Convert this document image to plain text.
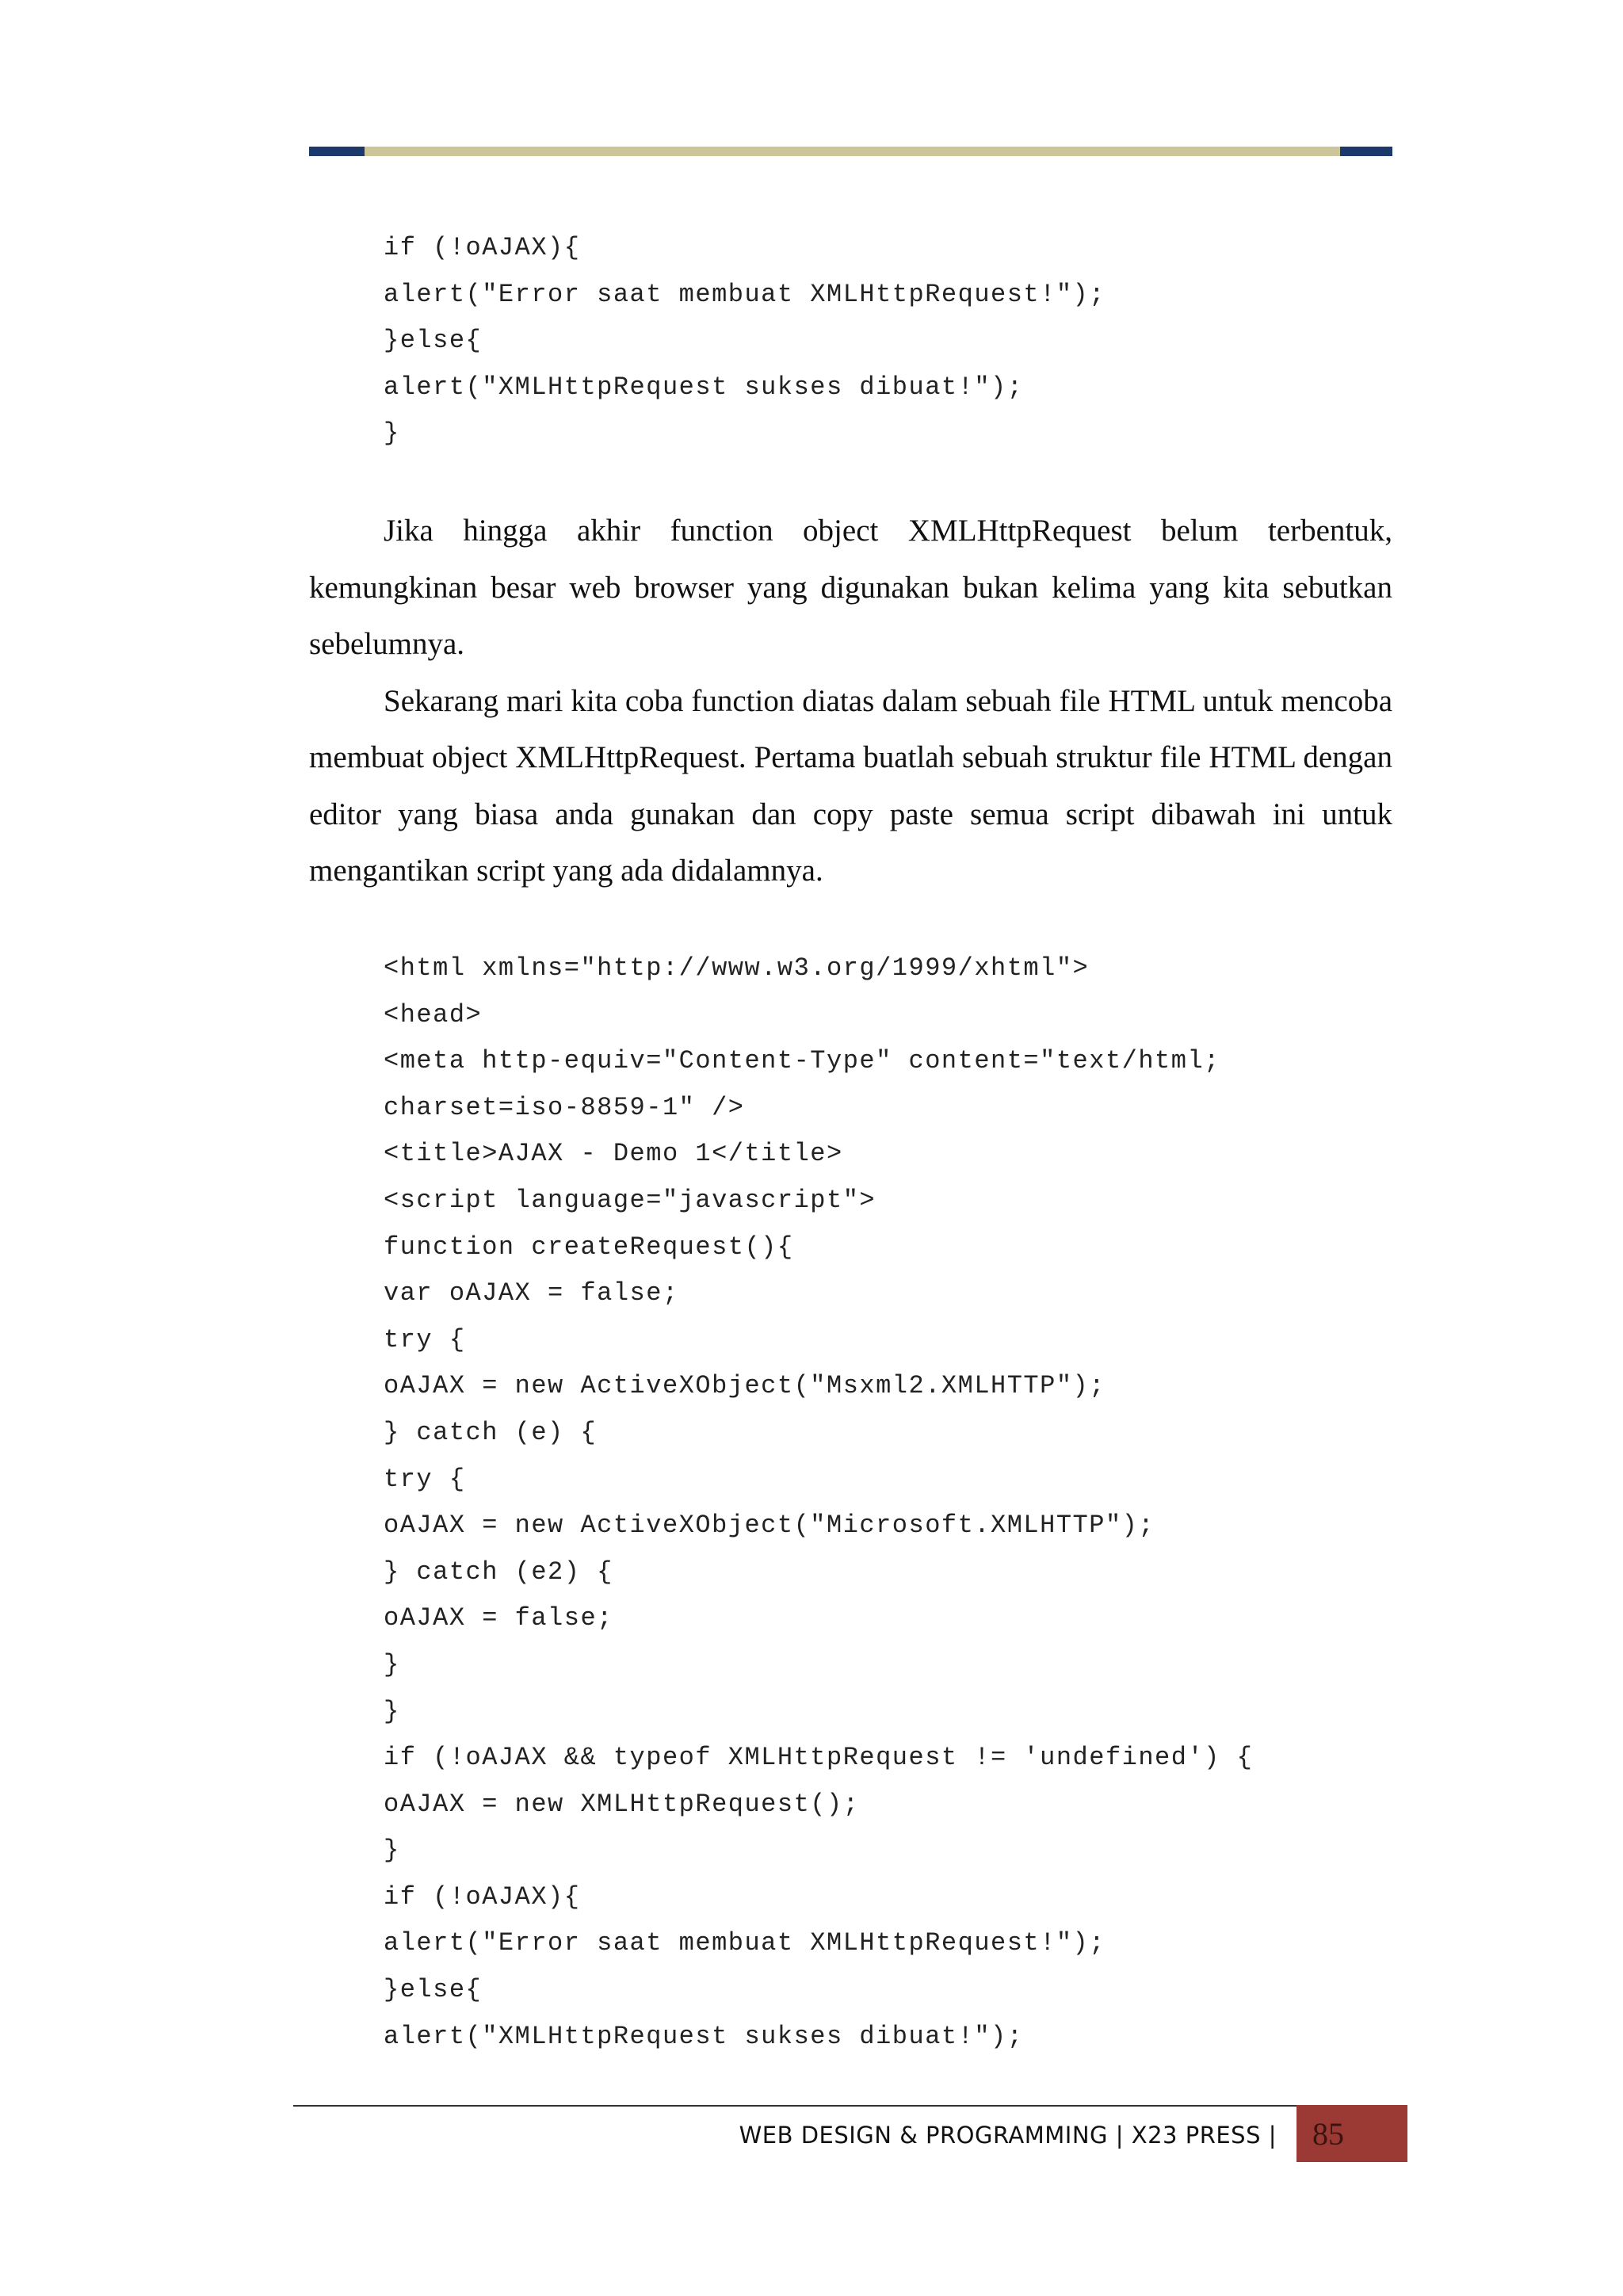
if (!oAJAX){
alert("Error saat membuat XMLHttpRequest!");
}else{
alert("XMLHttpRequest sukses dibuat!");
}

Jika hingga akhir function object XMLHttpRequest belum terbentuk, kemungkinan besar web browser yang digunakan bukan kelima yang kita sebutkan sebelumnya.

Sekarang mari kita coba function diatas dalam sebuah file HTML untuk mencoba membuat object XMLHttpRequest. Pertama buatlah sebuah struktur file HTML dengan editor yang biasa anda gunakan dan copy paste semua script dibawah ini untuk mengantikan script yang ada didalamnya.

<html xmlns="http://www.w3.org/1999/xhtml">
<head>
<meta http-equiv="Content-Type" content="text/html;
charset=iso-8859-1" />
<title>AJAX - Demo 1</title>
<script language="javascript">
function createRequest(){
var oAJAX = false;
try {
oAJAX = new ActiveXObject("Msxml2.XMLHTTP");
} catch (e) {
try {
oAJAX = new ActiveXObject("Microsoft.XMLHTTP");
} catch (e2) {
oAJAX = false;
}
}
if (!oAJAX && typeof XMLHttpRequest != 'undefined') {
oAJAX = new XMLHttpRequest();
}
if (!oAJAX){
alert("Error saat membuat XMLHttpRequest!");
}else{
alert("XMLHttpRequest sukses dibuat!");
WEB DESIGN & PROGRAMMING | X23 PRESS | 85
